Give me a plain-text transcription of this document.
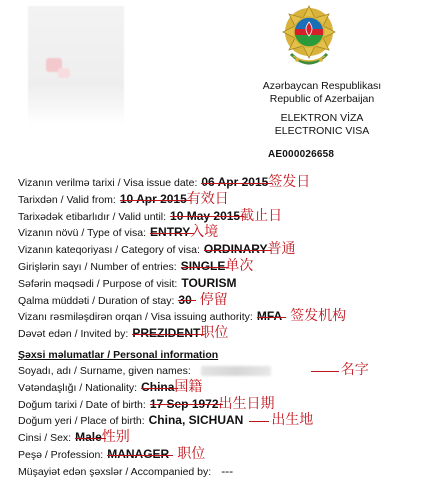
Azərbaycan Respublikası
Republic of Azerbaijan
ELEKTRON VİZA
ELECTRONIC VISA
AE000026658
Vizanın verilmə tarixi / Visa issue date: 06 Apr 2015签发日
Tarixdən / Valid from: 10 Apr 2015有效日
Tarixədək etibarlıdır / Valid until: 10 May 2015截止日
Vizanın növü / Type of visa: ENTRY入境
Vizanın kateqoriyası / Category of visa: ORDINARY普通
Girişlərin sayı / Number of entries: SINGLE单次
Səfərin məqsədi / Purpose of visit: TOURISM
Qalma müddəti / Duration of stay: 30 停留
Vizanı rəsmiləşdirən orqan / Visa issuing authority: MFA 签发机构
Dəvət edən / Invited by: PREZIDENT职位
Şəxsi məlumatlar / Personal information
Soyadı, adı / Surname, given names:	名字
Vətəndaşlığı / Nationality: China国籍
Doğum tarixi / Date of birth: 17 Sep 1972出生日期
Doğum yeri / Place of birth: China, SICHUAN 出生地
Cinsi / Sex: Male性别
Peşə / Profession: MANAGER 职位
Müşayiət edən şəxslər / Accompanied by: ---
